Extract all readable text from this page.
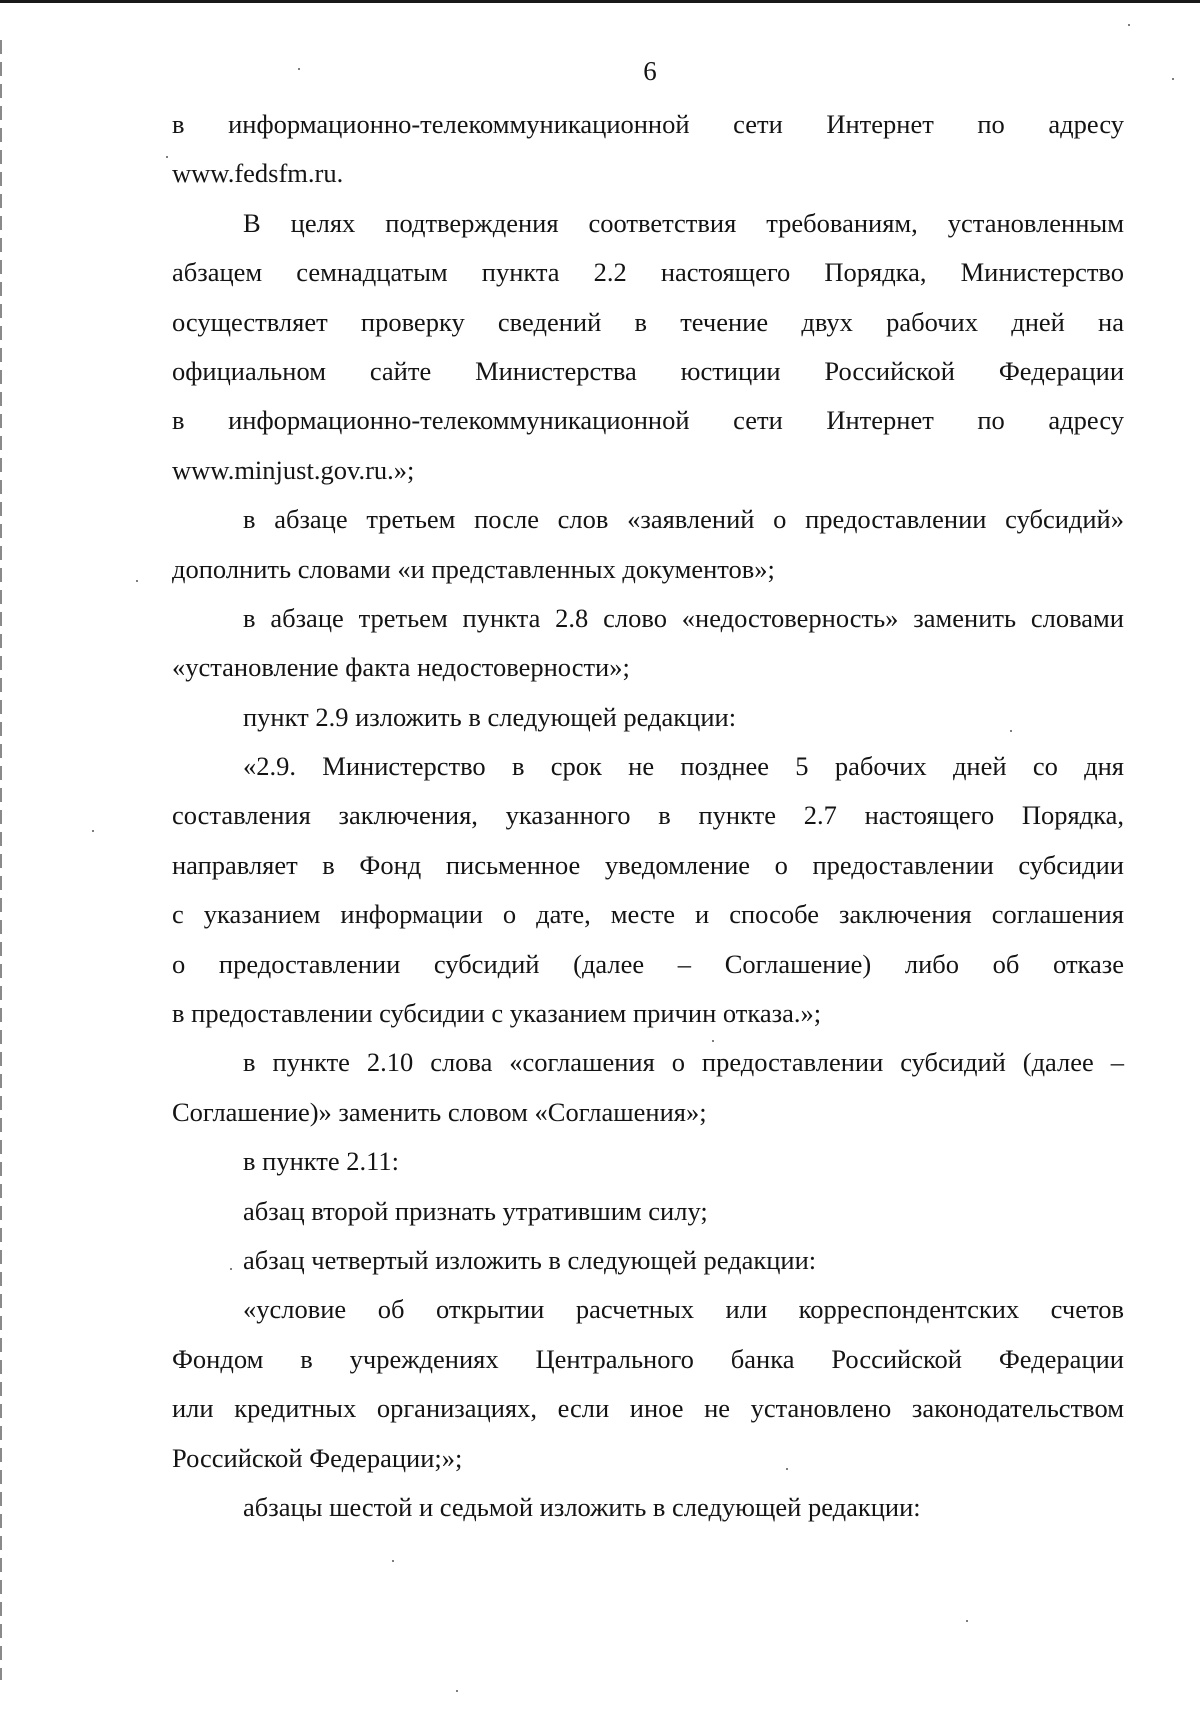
6
в информационно-телекоммуникационной сети Интернет по адресу
www.fedsfm.ru.
В целях подтверждения соответствия требованиям, установленным
абзацем семнадцатым пункта 2.2 настоящего Порядка, Министерство
осуществляет проверку сведений в течение двух рабочих дней на
официальном сайте Министерства юстиции Российской Федерации
в информационно-телекоммуникационной сети Интернет по адресу
www.minjust.gov.ru.»;
в абзаце третьем после слов «заявлений о предоставлении субсидий»
дополнить словами «и представленных документов»;
в абзаце третьем пункта 2.8 слово «недостоверность» заменить словами
«установление факта недостоверности»;
пункт 2.9 изложить в следующей редакции:
«2.9. Министерство в срок не позднее 5 рабочих дней со дня
составления заключения, указанного в пункте 2.7 настоящего Порядка,
направляет в Фонд письменное уведомление о предоставлении субсидии
с указанием информации о дате, месте и способе заключения соглашения
о предоставлении субсидий (далее – Соглашение) либо об отказе
в предоставлении субсидии с указанием причин отказа.»;
в пункте 2.10 слова «соглашения о предоставлении субсидий (далее –
Соглашение)» заменить словом «Соглашения»;
в пункте 2.11:
абзац второй признать утратившим силу;
абзац четвертый изложить в следующей редакции:
«условие об открытии расчетных или корреспондентских счетов
Фондом в учреждениях Центрального банка Российской Федерации
или кредитных организациях, если иное не установлено законодательством
Российской Федерации;»;
абзацы шестой и седьмой изложить в следующей редакции:
